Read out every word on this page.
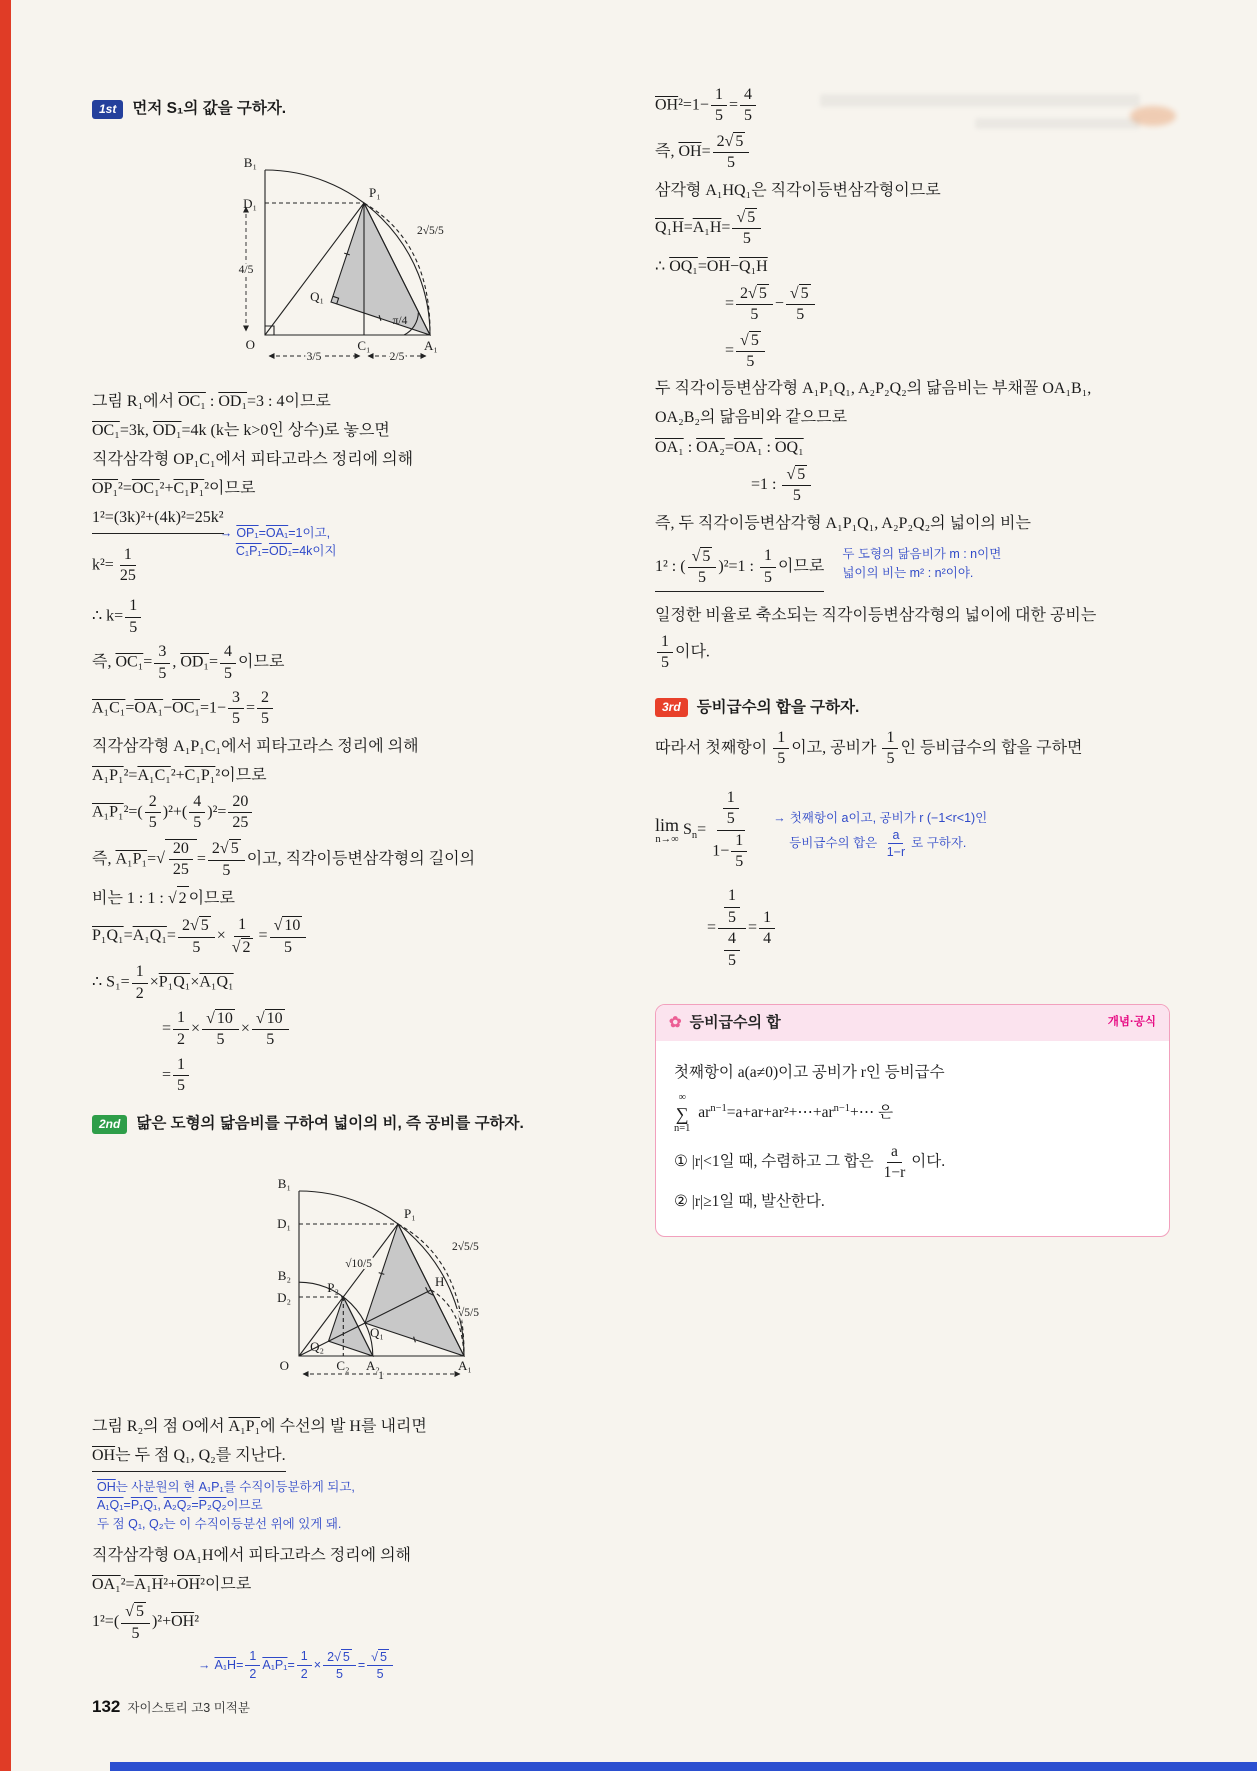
1st	먼저 S₁의 값을 구하자.
B₁
D₁
P₁
Q₁
O	C₁	A₁
4/5
2√5/5
π/4
3/5	2/5

그림 R₁에서 OC₁ : OD₁=3 : 4이므로

OC₁=3k, OD₁=4k (k는 k>0인 상수)로 놓으면

직각삼각형 OP₁C₁에서 피타고라스 정리에 의해

OP₁²=OC₁²+C₁P₁²이므로

1²=(3k)²+(4k)²=25k²

$k^2= \frac{1}{25}$

→ OP₁=OA₁=1이고,
C₁P₁=OD₁=4k이지

∴ $k= \frac{1}{5}$

즉, $OC_1= \frac{3}{5}$ , $OD_1= \frac{4}{5}$ 이므로

$A_1C_1=OA_1-OC_1=1- \frac{3}{5} = \frac{2}{5}$

직각삼각형 A₁P₁C₁에서 피타고라스 정리에 의해

A₁P₁²=A₁C₁²+C₁P₁²이므로

$A_1P_1^2=( \frac{2}{5} )^2+( \frac{4}{5} )^2= \frac{20}{25}$

즉, $A_1P_1=√ \frac{20}{25} = \frac{2√ 5}{5}$ 이고, 직각이등변삼각형의 길이의

비는 1 : 1 : √ 2 이므로

$P_1Q_1=A_1Q_1= \frac{2√ 5}{5} \times \frac{1}{√ 2} = \frac{√ 10}{5}$

∴ $S_1= \frac{1}{2} \times P_1Q_1\times A_1Q_1$

= $\frac{1}{2} \times \frac{√ 10}{5} \times \frac{√ 10}{5}$

= $\frac{1}{5}$

2nd	닮은 도형의 닮음비를 구하여 넓이의 비, 즉 공비를 구하자.
B₁
D₁
P₁
H
B₂
D₂
P₂
Q₂
Q₁
O	C₂ A₂	A₁
√10/5
2√5/5
√5/5
1

그림 R₂의 점 O에서 A₁P₁에 수선의 발 H를 내리면

$\overline{OH}$는 두 점 Q₁, Q₂를 지난다.

$\overline{OH}$는 사분원의 현 A₁P₁를 수직이등분하게 되고,
A₁Q₁=P₁Q₁, A₂Q₂=P₂Q₂이므로
두 점 Q₁, Q₂는 이 수직이등분선 위에 있게 돼.

직각삼각형 OA₁H에서 피타고라스 정리에 의해

$OA_1^2=A_1H^2+\overline{OH}^2$이므로

$1^2=( \frac{√ 5}{5} )^2+\overline{OH}^2$

→ $A_1H= \frac{1}{2} A_1P_1= \frac{1}{2} \times \frac{2√ 5}{5} = \frac{√ 5}{5}$

$\overline{OH}^2=1- \frac{1}{5} = \frac{4}{5}$

즉, $\overline{OH}= \frac{2√ 5}{5}$

삼각형 A₁HQ₁은 직각이등변삼각형이므로

$Q_1H=A_1H= \frac{√ 5}{5}$

∴ $OQ_1=\overline{OH}-Q_1H$

= $\frac{2√ 5}{5} - \frac{√ 5}{5}$

= $\frac{√ 5}{5}$

두 직각이등변삼각형 A₁P₁Q₁, A₂P₂Q₂의 닮음비는 부채꼴 OA₁B₁,

OA₂B₂의 닮음비와 같으므로

OA₁ : OA₂=OA₁ : OQ₁

=1 : $\frac{√ 5}{5}$

즉, 두 직각이등변삼각형 A₁P₁Q₁, A₂P₂Q₂의 넓이의 비는

1² : ( $\frac{√ 5}{5} )^2=1$ : $\frac{1}{5}$ 이므로

두 도형의 닮음비가 m : n이면
넓이의 비는 m² : n²이야.

일정한 비율로 축소되는 직각이등변삼각형의 넓이에 대한 공비는

$\frac{1}{5}$ 이다.

3rd	등비급수의 합을 구하자.

따라서 첫째항이 $\frac{1}{5}$ 이고, 공비가 $\frac{1}{5}$ 인 등비급수의 합을 구하면

lim
n→∞
$S_n= \frac{\frac{1}{5}}{1- \frac{1}{5}}$ → 첫째항이 a이고, 공비가 r (−1<r<1)인
등비급수의 합은 $\frac{a}{1-r}$ 로 구하자.

= $\frac{\frac{1}{5}}{\frac{4}{5}} = \frac{1}{4}$

✿ 등비급수의 합	개념·공식

첫째항이 a(a≠0)이고 공비가 r인 등비급수

∞
∑
n=1
$ar^{n-1}=a+ar+ar^2+\cdots+ar^{n-1}+\cdots$ 은

① |r|<1일 때, 수렴하고 그 합은 $\frac{a}{1-r}$ 이다.

② |r|≥1일 때, 발산한다.

132 자이스토리 고3 미적분
